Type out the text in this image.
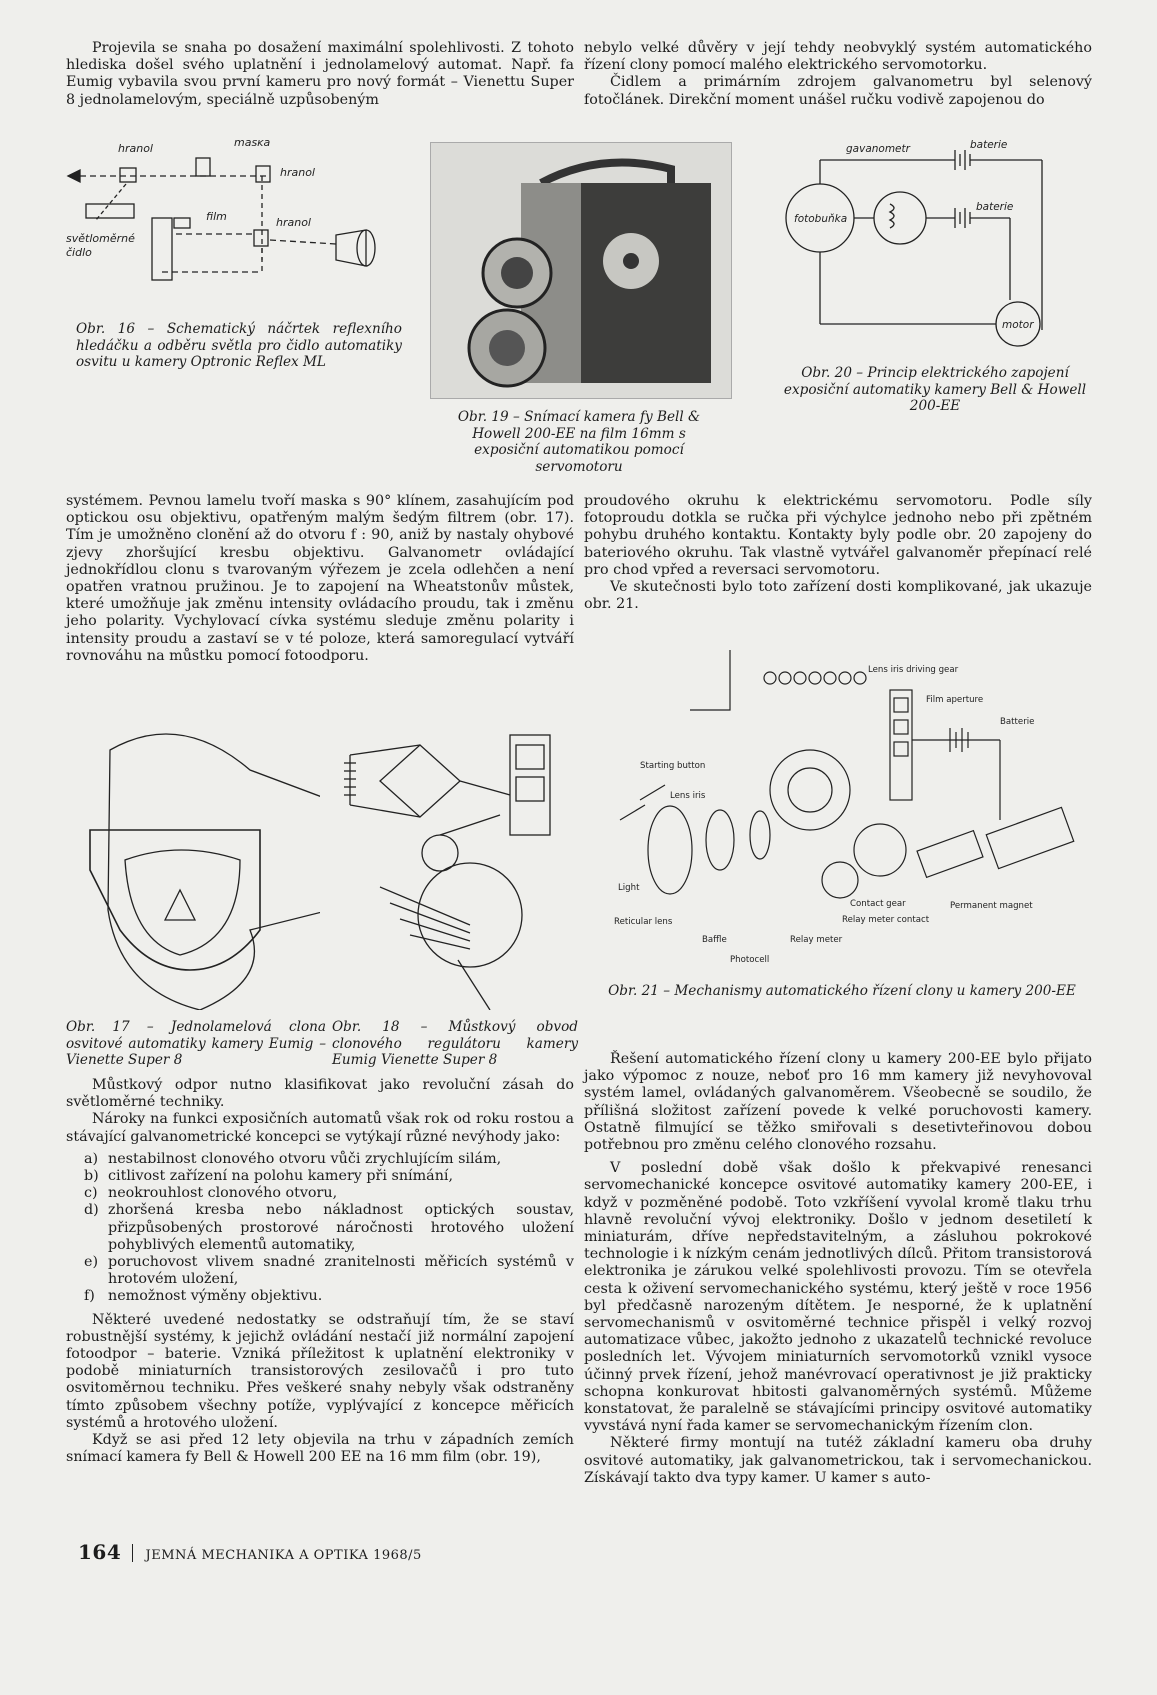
Projevila se snaha po dosažení maximální spolehlivosti. Z tohoto hlediska došel svého uplatnění i jednolamelový automat. Např. fa Eumig vybavila svou první kameru pro nový formát – Vienettu Super 8 jednolamelovým, speciálně uzpůsobeným

hranol	maska
hranol
film	hranol
světloměrné
čidlo
Obr. 16 – Schematický náčrtek reflexního hledáčku a odběru světla pro čidlo automatiky osvitu u kamery Optronic Reflex ML
Obr. 19 – Snímací kamera fy Bell & Howell 200-EE na film 16mm s exposiční automatikou pomocí servomotoru

nebylo velké důvěry v její tehdy neobvyklý systém automatického řízení clony pomocí malého elektrického servomotorku.

Čidlem a primárním zdrojem galvanometru byl selenový fotočlánek. Direkční moment unášel ručku vodivě zapojenou do

gavanometr	baterie
fotobuňka
baterie
motor
Obr. 20 – Princip elektrického zapojení exposiční automatiky kamery Bell & Howell 200-EE

systémem. Pevnou lamelu tvoří maska s 90° klínem, zasahujícím pod optickou osu objektivu, opatřeným malým šedým filtrem (obr. 17). Tím je umožněno clonění až do otvoru f : 90, aniž by nastaly ohybové zjevy zhoršující kresbu objektivu. Galvanometr ovládající jednokřídlou clonu s tvarovaným výřezem je zcela odlehčen a není opatřen vratnou pružinou. Je to zapojení na Wheatstonův můstek, které umožňuje jak změnu intensity ovládacího proudu, tak i změnu jeho polarity. Vychylovací cívka systému sleduje změnu polarity i intensity proudu a zastaví se v té poloze, která samoregulací vytváří rovnováhu na můstku pomocí fotoodporu.

proudového okruhu k elektrickému servomotoru. Podle síly fotoproudu dotkla se ručka při výchylce jednoho nebo při zpětném pohybu druhého kontaktu. Kontakty byly podle obr. 20 zapojeny do bateriového okruhu. Tak vlastně vytvářel galvanoměr přepínací relé pro chod vpřed a reversaci servomotoru.

Ve skutečnosti bylo toto zařízení dosti komplikované, jak ukazuje obr. 21.

Lens iris driving gear
Film aperture
Batterie
Starting button
Lens iris
Light
Contact gear	Permanent magnet
Relay meter contact
Reticular lens
Relay meter
Baffle
Photocell
Obr. 21 – Mechanismy automatického řízení clony u kamery 200-EE
Obr. 17 – Jednolamelová clona osvitové automatiky kamery Eumig – Vienette Super 8
Obr. 18 – Můstkový obvod clonového regulátoru kamery Eumig Vienette Super 8

Můstkový odpor nutno klasifikovat jako revoluční zásah do světloměrné techniky.

Nároky na funkci exposičních automatů však rok od roku rostou a stávající galvanometrické koncepci se vytýkají různé nevýhody jako:

a) nestabilnost clonového otvoru vůči zrychlujícím silám,
b) citlivost zařízení na polohu kamery při snímání,
c) neokrouhlost clonového otvoru,
d) zhoršená kresba nebo nákladnost optických soustav, přizpůsobených prostorové náročnosti hrotového uložení pohyblivých elementů automatiky,
e) poruchovost vlivem snadné zranitelnosti měřicích systémů v hrotovém uložení,
f) nemožnost výměny objektivu.

Některé uvedené nedostatky se odstraňují tím, že se staví robustnější systémy, k jejichž ovládání nestačí již normální zapojení fotoodpor – baterie. Vzniká příležitost k uplatnění elektroniky v podobě miniaturních transistorových zesilovačů i pro tuto osvitoměrnou techniku. Přes veškeré snahy nebyly však odstraněny tímto způsobem všechny potíže, vyplývající z koncepce měřicích systémů a hrotového uložení.

Když se asi před 12 lety objevila na trhu v západních zemích snímací kamera fy Bell & Howell 200 EE na 16 mm film (obr. 19),

Řešení automatického řízení clony u kamery 200-EE bylo přijato jako výpomoc z nouze, neboť pro 16 mm kamery již nevyhovoval systém lamel, ovládaných galvanoměrem. Všeobecně se soudilo, že přílišná složitost zařízení povede k velké poruchovosti kamery. Ostatně filmující se těžko smiřovali s desetivteřinovou dobou potřebnou pro změnu celého clonového rozsahu.

V poslední době však došlo k překvapivé renesanci servomechanické koncepce osvitové automatiky kamery 200-EE, i když v pozměněné podobě. Toto vzkříšení vyvolal kromě tlaku trhu hlavně revoluční vývoj elektroniky. Došlo v jednom desetiletí k miniaturám, dříve nepředstavitelným, a zásluhou pokrokové technologie i k nízkým cenám jednotlivých dílců. Přitom transistorová elektronika je zárukou velké spolehlivosti provozu. Tím se otevřela cesta k oživení servomechanického systému, který ještě v roce 1956 byl předčasně narozeným dítětem. Je nesporné, že k uplatnění servomechanismů v osvitoměrné technice přispěl i velký rozvoj automatizace vůbec, jakožto jednoho z ukazatelů technické revoluce posledních let. Vývojem miniaturních servomotorků vznikl vysoce účinný prvek řízení, jehož manévrovací operativnost je již prakticky schopna konkurovat hbitosti galvanoměrných systémů. Můžeme konstatovat, že paralelně se stávajícími principy osvitové automatiky vyvstává nyní řada kamer se servomechanickým řízením clon.

Některé firmy montují na tutéž základní kameru oba druhy osvitové automatiky, jak galvanometrickou, tak i servomechanickou. Získávají takto dva typy kamer. U kamer s auto-

164 JEMNÁ MECHANIKA A OPTIKA 1968/5
